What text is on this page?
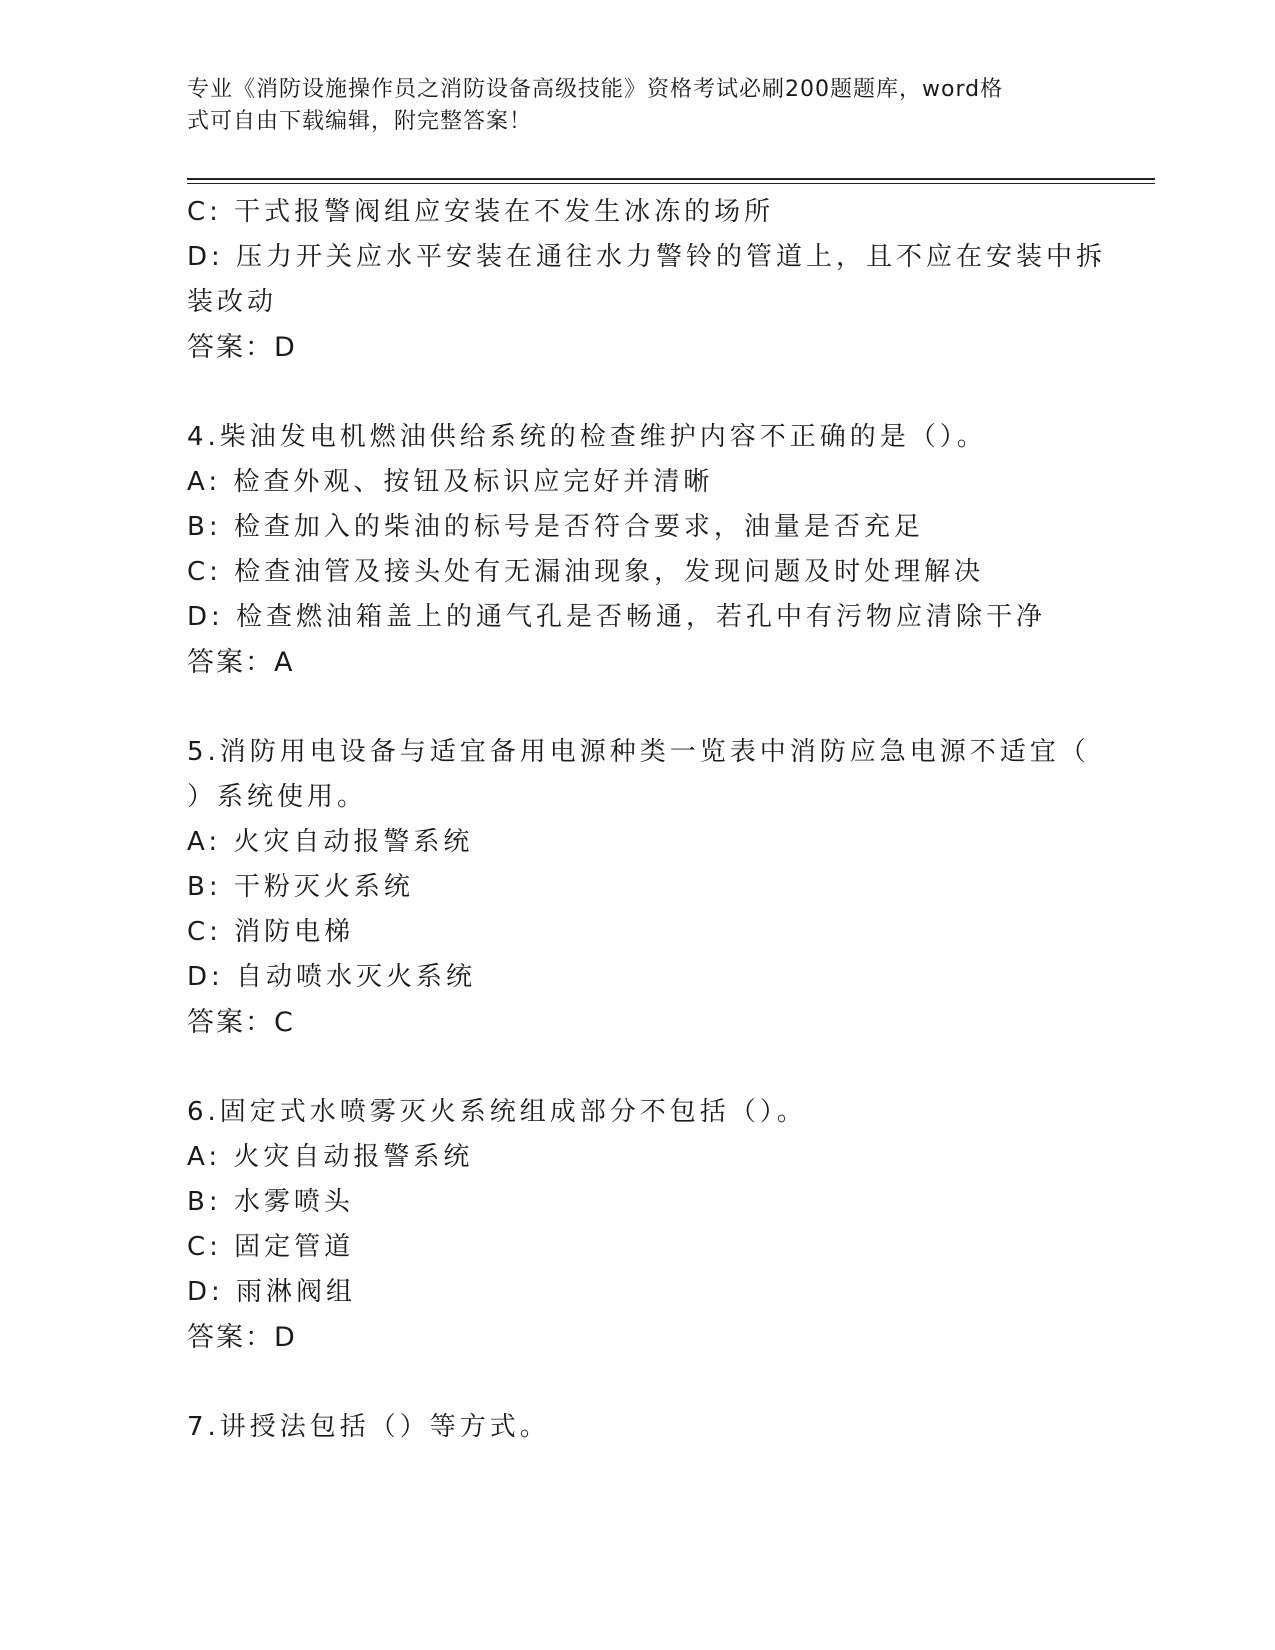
专业《消防设施操作员之消防设备高级技能》资格考试必刷200题题库，word格
式可自由下载编辑，附完整答案！
C: 干式报警阀组应安装在不发生冰冻的场所
D: 压力开关应水平安装在通往水力警铃的管道上，且不应在安装中拆
装改动
答案：D
4.柴油发电机燃油供给系统的检查维护内容不正确的是（）。
A: 检查外观、按钮及标识应完好并清晰
B: 检查加入的柴油的标号是否符合要求，油量是否充足
C: 检查油管及接头处有无漏油现象，发现问题及时处理解决
D: 检查燃油箱盖上的通气孔是否畅通，若孔中有污物应清除干净
答案：A
5.消防用电设备与适宜备用电源种类一览表中消防应急电源不适宜（
）系统使用。
A: 火灾自动报警系统
B: 干粉灭火系统
C: 消防电梯
D: 自动喷水灭火系统
答案：C
6.固定式水喷雾灭火系统组成部分不包括（）。
A: 火灾自动报警系统
B: 水雾喷头
C: 固定管道
D: 雨淋阀组
答案：D
7.讲授法包括（）等方式。
